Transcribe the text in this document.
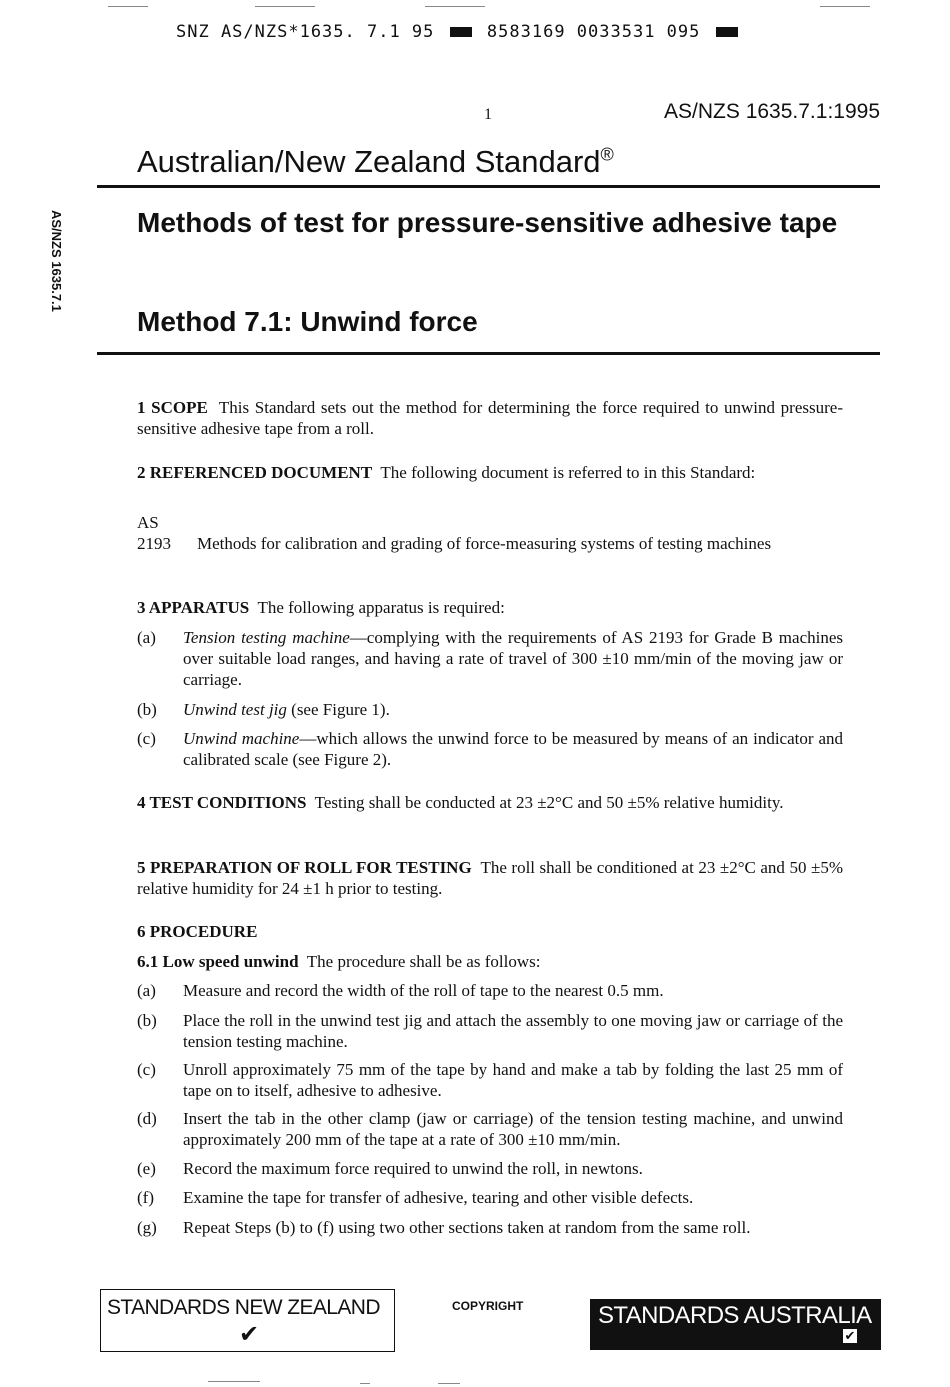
SNZ AS/NZS*1635. 7.1 95	8583169 0033531 095
1	AS/NZS 1635.7.1:1995
Australian/New Zealand Standard®
AS/NZS 1635.7.1	Methods of test for pressure-sensitive adhesive tape
Method 7.1: Unwind force
1 SCOPE This Standard sets out the method for determining the force required to unwind pressure-sensitive adhesive tape from a roll.
2 REFERENCED DOCUMENT The following document is referred to in this Standard:
AS
2193 Methods for calibration and grading of force-measuring systems of testing machines
3 APPARATUS The following apparatus is required:
(a) Tension testing machine—complying with the requirements of AS 2193 for Grade B machines over suitable load ranges, and having a rate of travel of 300 ±10 mm/min of the moving jaw or carriage.
(b) Unwind test jig (see Figure 1).
(c) Unwind machine—which allows the unwind force to be measured by means of an indicator and calibrated scale (see Figure 2).
4 TEST CONDITIONS Testing shall be conducted at 23 ±2°C and 50 ±5% relative humidity.
5 PREPARATION OF ROLL FOR TESTING The roll shall be conditioned at 23 ±2°C and 50 ±5% relative humidity for 24 ±1 h prior to testing.
6 PROCEDURE
6.1 Low speed unwind The procedure shall be as follows:
(a) Measure and record the width of the roll of tape to the nearest 0.5 mm.
(b) Place the roll in the unwind test jig and attach the assembly to one moving jaw or carriage of the tension testing machine.
(c) Unroll approximately 75 mm of the tape by hand and make a tab by folding the last 25 mm of tape on to itself, adhesive to adhesive.
(d) Insert the tab in the other clamp (jaw or carriage) of the tension testing machine, and unwind approximately 200 mm of the tape at a rate of 300 ±10 mm/min.
(e) Record the maximum force required to unwind the roll, in newtons.
(f) Examine the tape for transfer of adhesive, tearing and other visible defects.
(g) Repeat Steps (b) to (f) using two other sections taken at random from the same roll.
STANDARDS NEW ZEALAND
✔
COPYRIGHT	STANDARDS AUSTRALIA
✔
